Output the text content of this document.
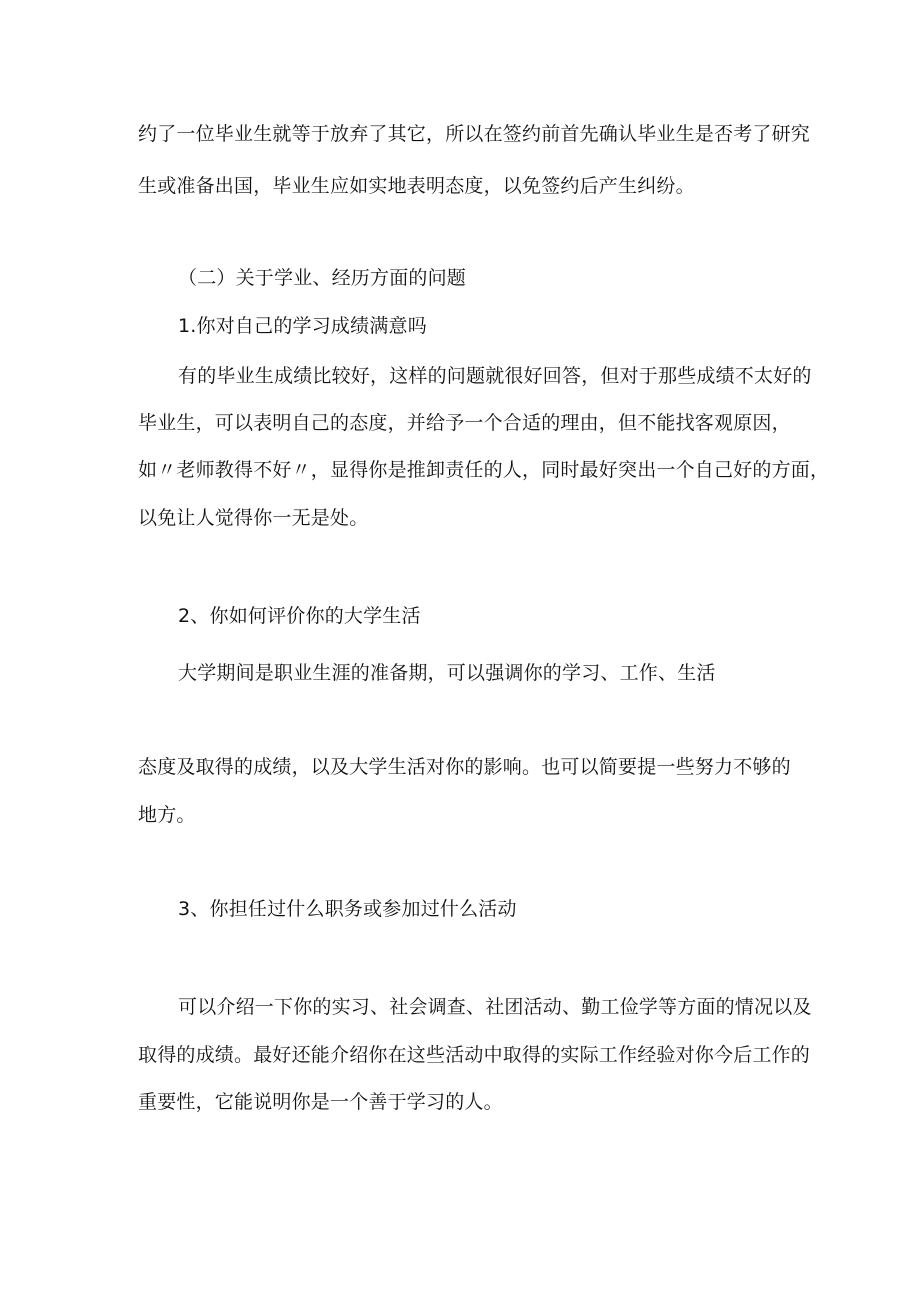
约了一位毕业生就等于放弃了其它，所以在签约前首先确认毕业生是否考了研究
生或准备出国，毕业生应如实地表明态度，以免签约后产生纠纷。
（二）关于学业、经历方面的问题
1.你对自己的学习成绩满意吗
有的毕业生成绩比较好，这样的问题就很好回答，但对于那些成绩不太好的
毕业生，可以表明自己的态度，并给予一个合适的理由，但不能找客观原因，
如〃老师教得不好〃，显得你是推卸责任的人，同时最好突出一个自己好的方面，
以免让人觉得你一无是处。
2、你如何评价你的大学生活
大学期间是职业生涯的准备期，可以强调你的学习、工作、生活
态度及取得的成绩，以及大学生活对你的影响。也可以简要提一些努力不够的
地方。
3、你担任过什么职务或参加过什么活动
可以介绍一下你的实习、社会调查、社团活动、勤工俭学等方面的情况以及
取得的成绩。最好还能介绍你在这些活动中取得的实际工作经验对你今后工作的
重要性，它能说明你是一个善于学习的人。
